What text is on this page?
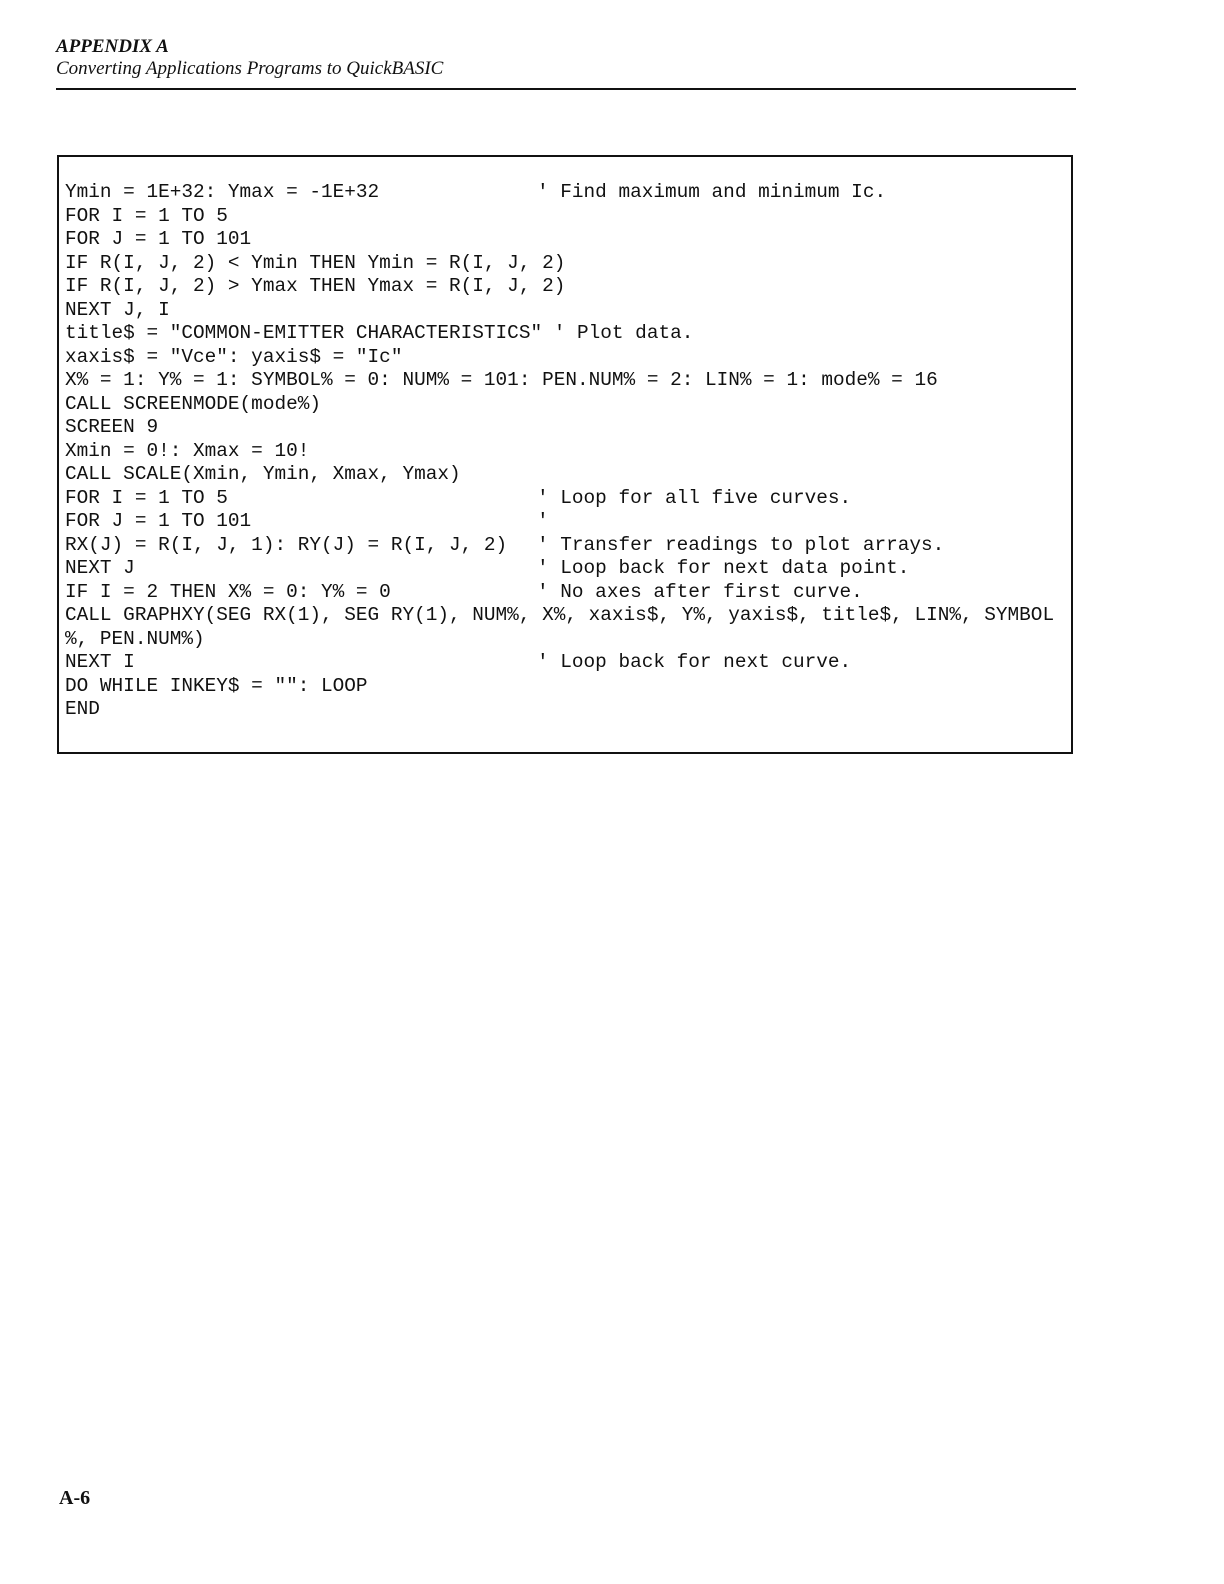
APPENDIX A
Converting Applications Programs to QuickBASIC
Ymin = 1E+32: Ymax = -1E+32	' Find maximum and minimum Ic.
FOR I = 1 TO 5
FOR J = 1 TO 101
IF R(I, J, 2) < Ymin THEN Ymin = R(I, J, 2)
IF R(I, J, 2) > Ymax THEN Ymax = R(I, J, 2)
NEXT J, I
title$ = "COMMON-EMITTER CHARACTERISTICS" ' Plot data.
xaxis$ = "Vce": yaxis$ = "Ic"
X% = 1: Y% = 1: SYMBOL% = 0: NUM% = 101: PEN.NUM% = 2: LIN% = 1: mode% = 16
CALL SCREENMODE(mode%)
SCREEN 9
Xmin = 0!: Xmax = 10!
CALL SCALE(Xmin, Ymin, Xmax, Ymax)
FOR I = 1 TO 5	' Loop for all five curves.
FOR J = 1 TO 101	'
RX(J) = R(I, J, 1): RY(J) = R(I, J, 2) ' Transfer readings to plot arrays.
NEXT J	' Loop back for next data point.
IF I = 2 THEN X% = 0: Y% = 0	' No axes after first curve.
CALL GRAPHXY(SEG RX(1), SEG RY(1), NUM%, X%, xaxis$, Y%, yaxis$, title$, LIN%, SYMBOL
%, PEN.NUM%)
NEXT I	' Loop back for next curve.
DO WHILE INKEY$ = "": LOOP
END
A-6
